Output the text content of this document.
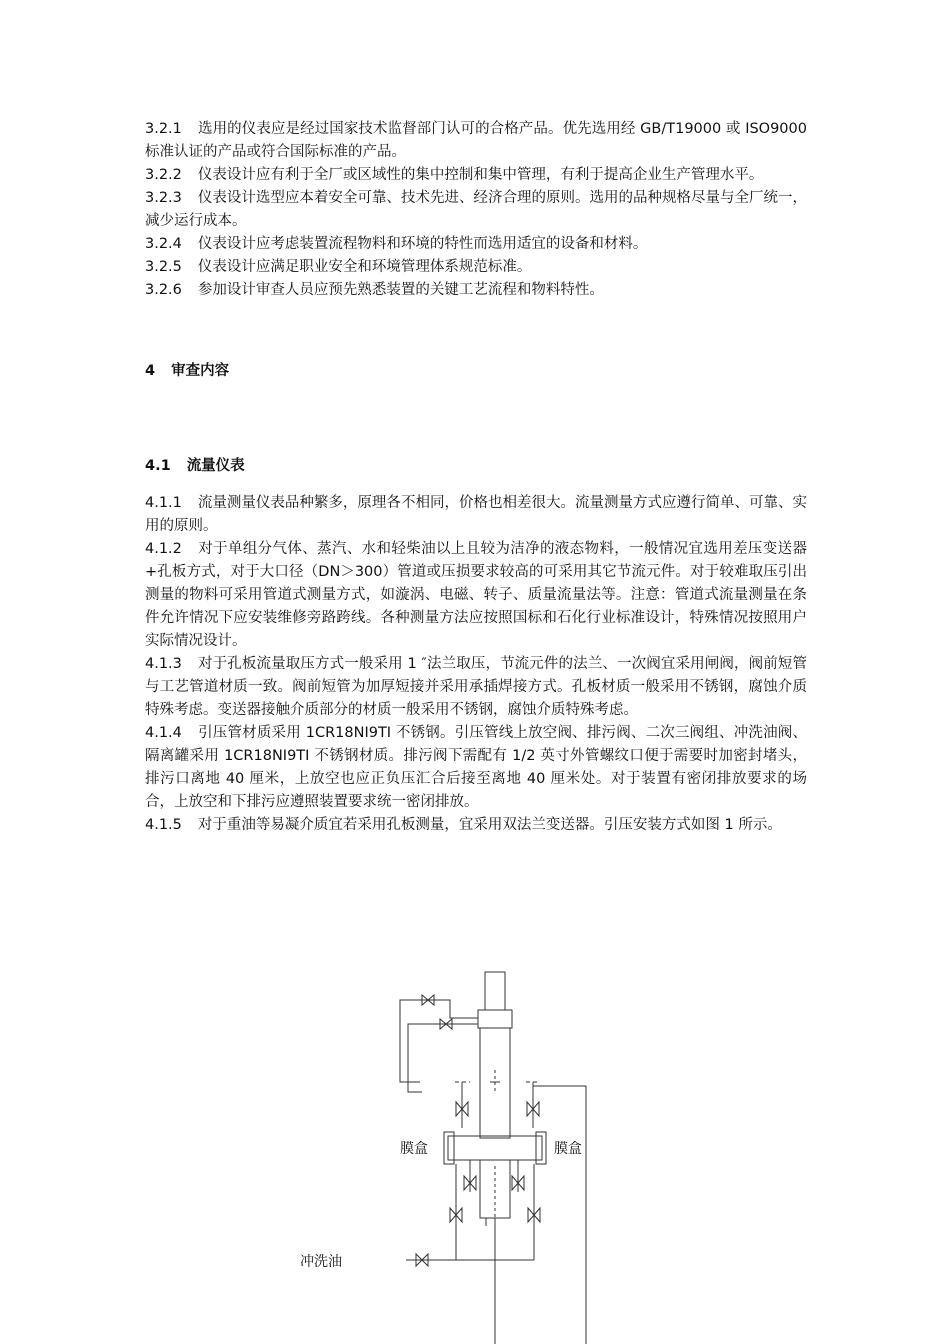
3.2.1 选用的仪表应是经过国家技术监督部门认可的合格产品。优先选用经 GB/T19000 或 ISO9000 标准认证的产品或符合国际标准的产品。

3.2.2 仪表设计应有利于全厂或区域性的集中控制和集中管理，有利于提高企业生产管理水平。

3.2.3 仪表设计选型应本着安全可靠、技术先进、经济合理的原则。选用的品种规格尽量与全厂统一，减少运行成本。

3.2.4 仪表设计应考虑装置流程物料和环境的特性而选用适宜的设备和材料。

3.2.5 仪表设计应满足职业安全和环境管理体系规范标准。

3.2.6 参加设计审查人员应预先熟悉装置的关键工艺流程和物料特性。

4 审查内容

4.1 流量仪表

4.1.1 流量测量仪表品种繁多，原理各不相同，价格也相差很大。流量测量方式应遵行简单、可靠、实用的原则。

4.1.2 对于单组分气体、蒸汽、水和轻柴油以上且较为洁净的液态物料，一般情况宜选用差压变送器+孔板方式，对于大口径（DN＞300）管道或压损要求较高的可采用其它节流元件。对于较难取压引出测量的物料可采用管道式测量方式，如漩涡、电磁、转子、质量流量法等。注意：管道式流量测量在条件允许情况下应安装维修旁路跨线。各种测量方法应按照国标和石化行业标准设计，特殊情况按照用户实际情况设计。

4.1.3 对于孔板流量取压方式一般采用 1 ″法兰取压，节流元件的法兰、一次阀宜采用闸阀，阀前短管与工艺管道材质一致。阀前短管为加厚短接并采用承插焊接方式。孔板材质一般采用不锈钢，腐蚀介质特殊考虑。变送器接触介质部分的材质一般采用不锈钢，腐蚀介质特殊考虑。

4.1.4 引压管材质采用 1CR18NI9TI 不锈钢。引压管线上放空阀、排污阀、二次三阀组、冲洗油阀、隔离罐采用 1CR18NI9TI 不锈钢材质。排污阀下需配有 1/2 英寸外管螺纹口便于需要时加密封堵头，排污口离地 40 厘米，上放空也应正负压汇合后接至离地 40 厘米处。对于装置有密闭排放要求的场合，上放空和下排污应遵照装置要求统一密闭排放。

4.1.5 对于重油等易凝介质宜若采用孔板测量，宜采用双法兰变送器。引压安装方式如图 1 所示。

膜盒	膜盒
冲洗油
